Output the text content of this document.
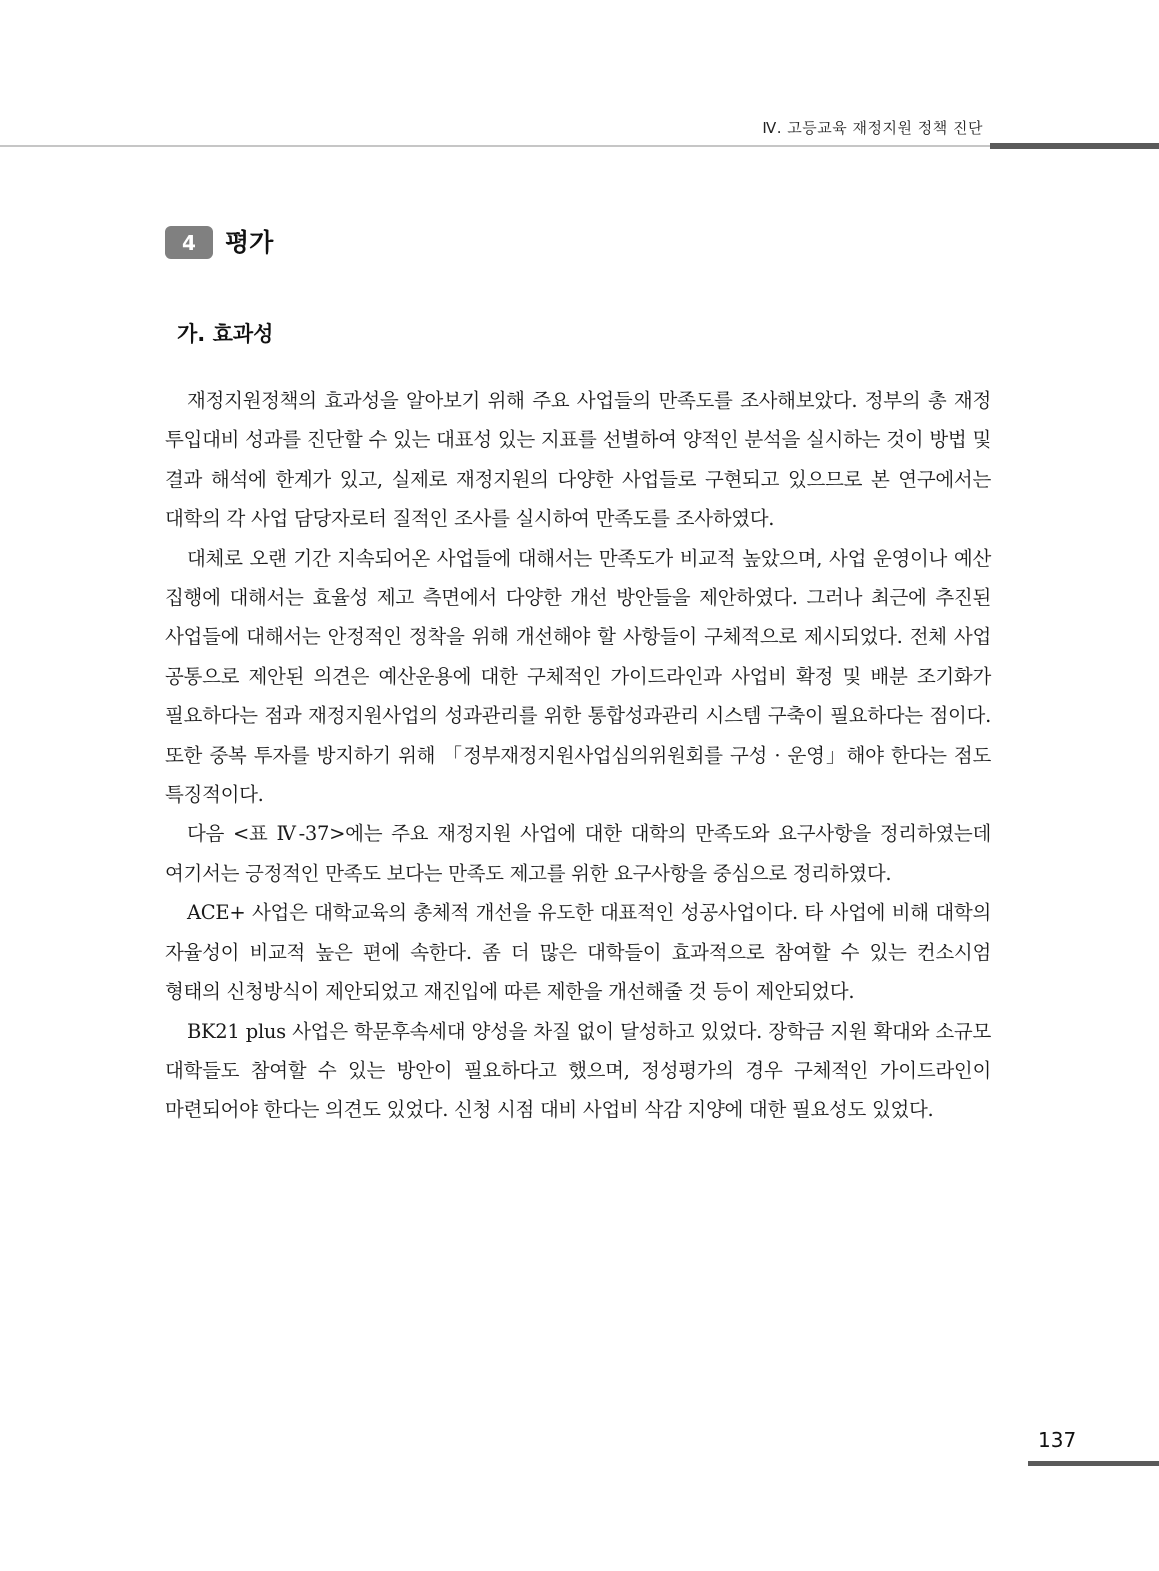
Ⅳ. 고등교육 재정지원 정책 진단
4	평가
가. 효과성

재정지원정책의 효과성을 알아보기 위해 주요 사업들의 만족도를 조사해보았다. 정부의 총 재정 투입대비 성과를 진단할 수 있는 대표성 있는 지표를 선별하여 양적인 분석을 실시하는 것이 방법 및 결과 해석에 한계가 있고, 실제로 재정지원의 다양한 사업들로 구현되고 있으므로 본 연구에서는 대학의 각 사업 담당자로터 질적인 조사를 실시하여 만족도를 조사하였다.

대체로 오랜 기간 지속되어온 사업들에 대해서는 만족도가 비교적 높았으며, 사업 운영이나 예산 집행에 대해서는 효율성 제고 측면에서 다양한 개선 방안들을 제안하였다. 그러나 최근에 추진된 사업들에 대해서는 안정적인 정착을 위해 개선해야 할 사항들이 구체적으로 제시되었다. 전체 사업 공통으로 제안된 의견은 예산운용에 대한 구체적인 가이드라인과 사업비 확정 및 배분 조기화가 필요하다는 점과 재정지원사업의 성과관리를 위한 통합성과관리 시스템 구축이 필요하다는 점이다. 또한 중복 투자를 방지하기 위해 「정부재정지원사업심의위원회를 구성 · 운영」해야 한다는 점도 특징적이다.

다음 <표 Ⅳ-37>에는 주요 재정지원 사업에 대한 대학의 만족도와 요구사항을 정리하였는데 여기서는 긍정적인 만족도 보다는 만족도 제고를 위한 요구사항을 중심으로 정리하였다.

ACE+ 사업은 대학교육의 총체적 개선을 유도한 대표적인 성공사업이다. 타 사업에 비해 대학의 자율성이 비교적 높은 편에 속한다. 좀 더 많은 대학들이 효과적으로 참여할 수 있는 컨소시엄 형태의 신청방식이 제안되었고 재진입에 따른 제한을 개선해줄 것 등이 제안되었다.

BK21 plus 사업은 학문후속세대 양성을 차질 없이 달성하고 있었다. 장학금 지원 확대와 소규모 대학들도 참여할 수 있는 방안이 필요하다고 했으며, 정성평가의 경우 구체적인 가이드라인이 마련되어야 한다는 의견도 있었다. 신청 시점 대비 사업비 삭감 지양에 대한 필요성도 있었다.

137
